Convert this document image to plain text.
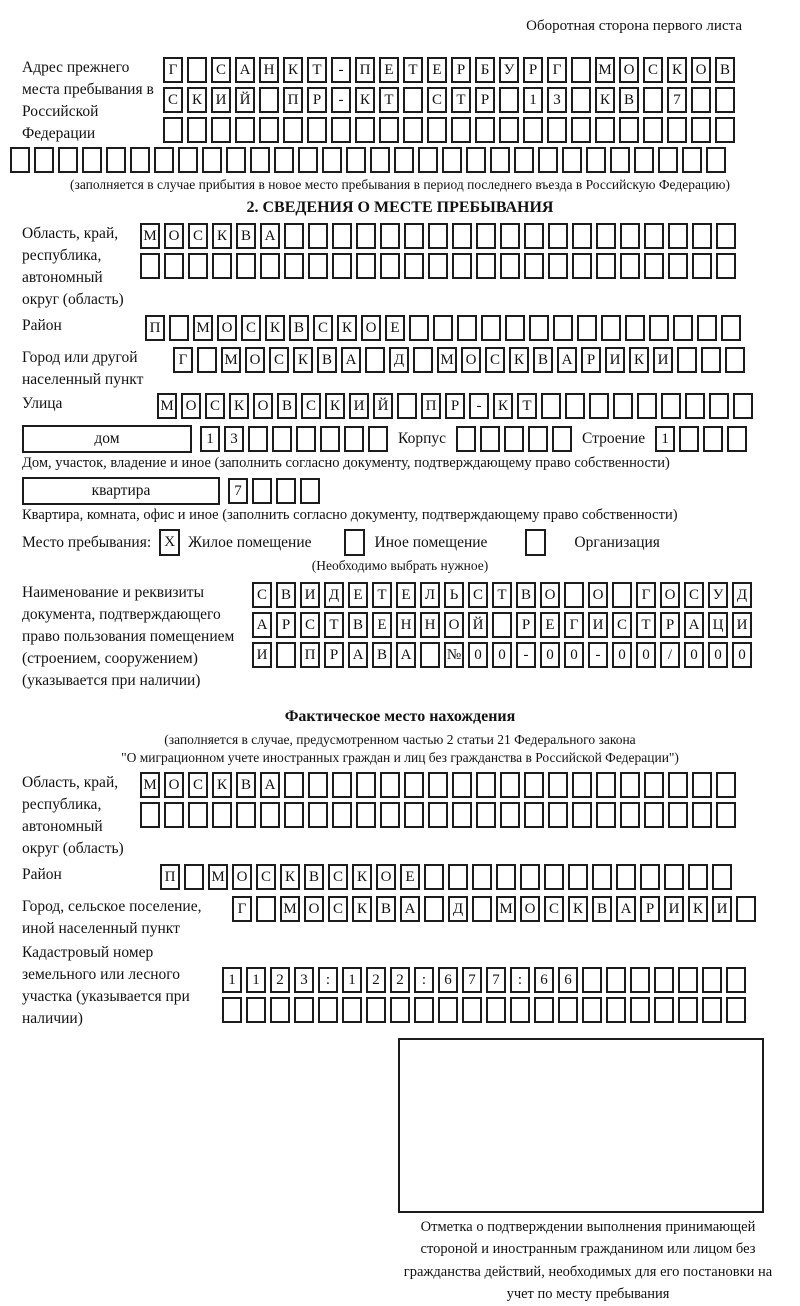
Оборотная сторона первого листа
Адрес прежнего места пребывания в Российской Федерации
Г	С А Н К Т	-	П Е Т Е	Р	Б У Р	Г	М О С К О В
С К И Й	П Р	-	К Т	С Т	Р	1	3	К В	7
(заполняется в случае прибытия в новое место пребывания в период последнего въезда в Российскую Федерацию)
2. СВЕДЕНИЯ О МЕСТЕ ПРЕБЫВАНИЯ
Область, край, республика, автономный округ (область)
М О С К В А
Район	П	М О С К В С К О Е
Город или другой населенный пункт
Г	М О С К В А	Д	М О С К В А Р И К И
Улица	М О С К О В С К И Й	П Р	-	К Т
дом	1	3	Корпус	Строение	1
Дом, участок, владение и иное (заполнить согласно документу, подтверждающему право собственности)
квартира	7
Квартира, комната, офис и иное (заполнить согласно документу, подтверждающему право собственности)
Место пребывания: X Жилое помещение	Иное помещение	Организация
(Необходимо выбрать нужное)
Наименование и реквизиты документа, подтверждающего право пользования помещением (строением, сооружением) (указывается при наличии)
С В И Д Е Т Е Л Ь С Т В О	О	Г О С У Д
А Р С Т В Е Н Н О Й	Р	Е	Г И С Т	Р А Ц И
И	П Р А В А	№ 0	0	-	0	0	-	0	0	/	0	0	0
Фактическое место нахождения
(заполняется в случае, предусмотренном частью 2 статьи 21 Федерального закона
"О миграционном учете иностранных граждан и лиц без гражданства в Российской Федерации")
Область, край, республика, автономный округ (область)
М О С К В А
Район	П	М О С К В С К О Е
Город, сельское поселение, иной населенный пункт
Г	М О С К В А	Д	М О С К В А Р И К И
Кадастровый номер земельного или лесного участка (указывается при наличии)
1	1	2	3	:	1	2	2	:	6	7	7	:	6	6
Отметка о подтверждении выполнения принимающей стороной и иностранным гражданином или лицом без гражданства действий, необходимых для его постановки на учет по месту пребывания
